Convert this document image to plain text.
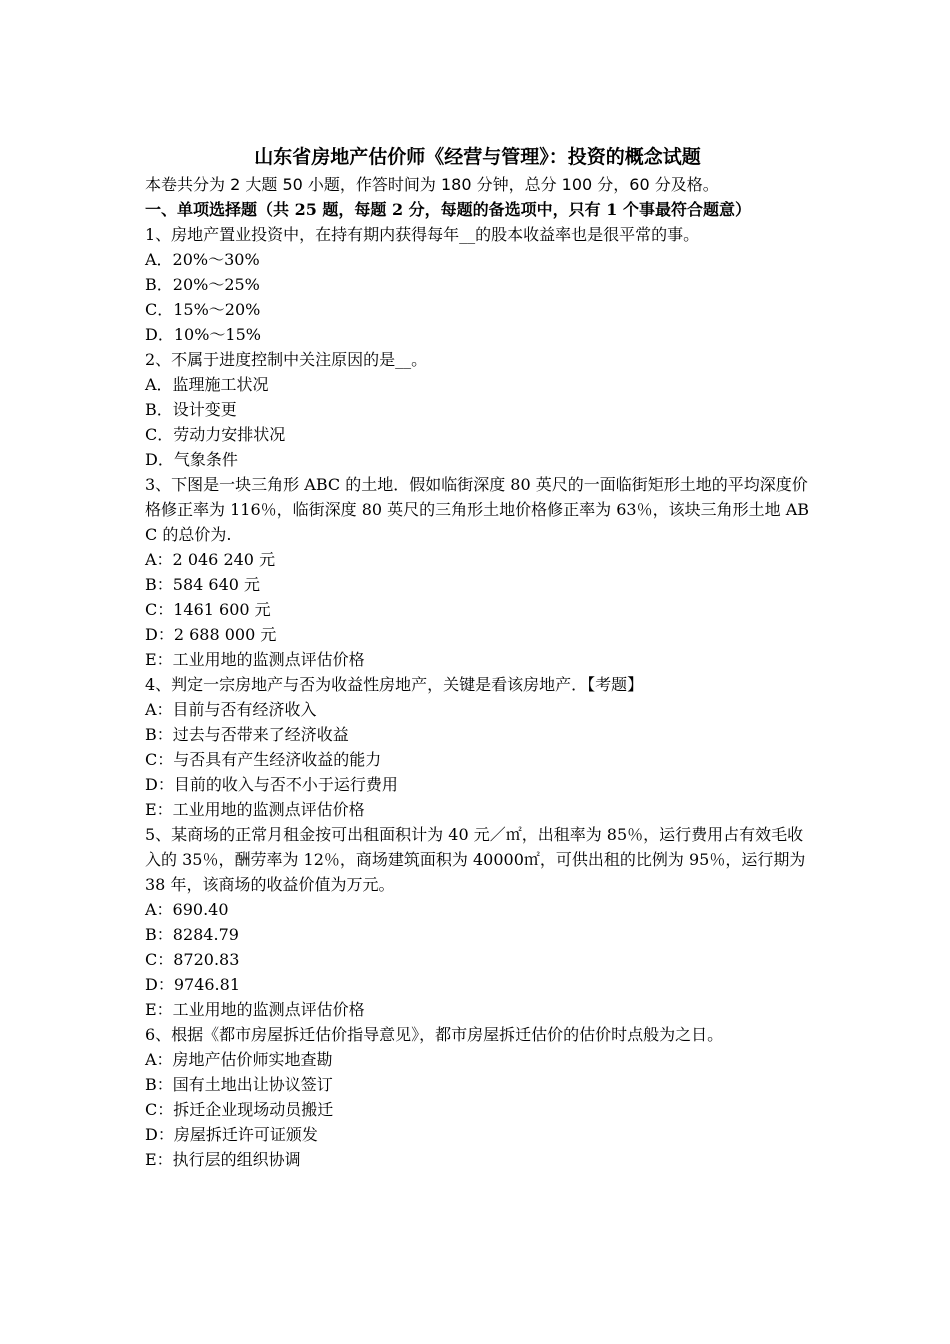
山东省房地产估价师《经营与管理》：投资的概念试题
本卷共分为 2 大题 50 小题，作答时间为 180 分钟，总分 100 分，60 分及格。
一、单项选择题（共 25 题，每题 2 分，每题的备选项中，只有 1 个事最符合题意）
1、房地产置业投资中，在持有期内获得每年__的股本收益率也是很平常的事。
A．20%～30%
B．20%～25%
C．15%～20%
D．10%～15%
2、不属于进度控制中关注原因的是__。
A．监理施工状况
B．设计变更
C．劳动力安排状况
D．气象条件
3、下图是一块三角形 ABC 的土地．假如临街深度 80 英尺的一面临街矩形土地的平均深度价格修正率为 116％，临街深度 80 英尺的三角形土地价格修正率为 63％，该块三角形土地 ABC 的总价为.
A：2 046 240 元
B：584 640 元
C：1461 600 元
D：2 688 000 元
E：工业用地的监测点评估价格
4、判定一宗房地产与否为收益性房地产，关键是看该房地产．【考题】
A：目前与否有经济收入
B：过去与否带来了经济收益
C：与否具有产生经济收益的能力
D：目前的收入与否不小于运行费用
E：工业用地的监测点评估价格
5、某商场的正常月租金按可出租面积计为 40 元／㎡，出租率为 85％，运行费用占有效毛收入的 35％，酬劳率为 12％，商场建筑面积为 40000㎡，可供出租的比例为 95％，运行期为 38 年，该商场的收益价值为万元。
A：690.40
B：8284.79
C：8720.83
D：9746.81
E：工业用地的监测点评估价格
6、根据《都市房屋拆迁估价指导意见》，都市房屋拆迁估价的估价时点般为之日。
A：房地产估价师实地查勘
B：国有土地出让协议签订
C：拆迁企业现场动员搬迁
D：房屋拆迁许可证颁发
E：执行层的组织协调
